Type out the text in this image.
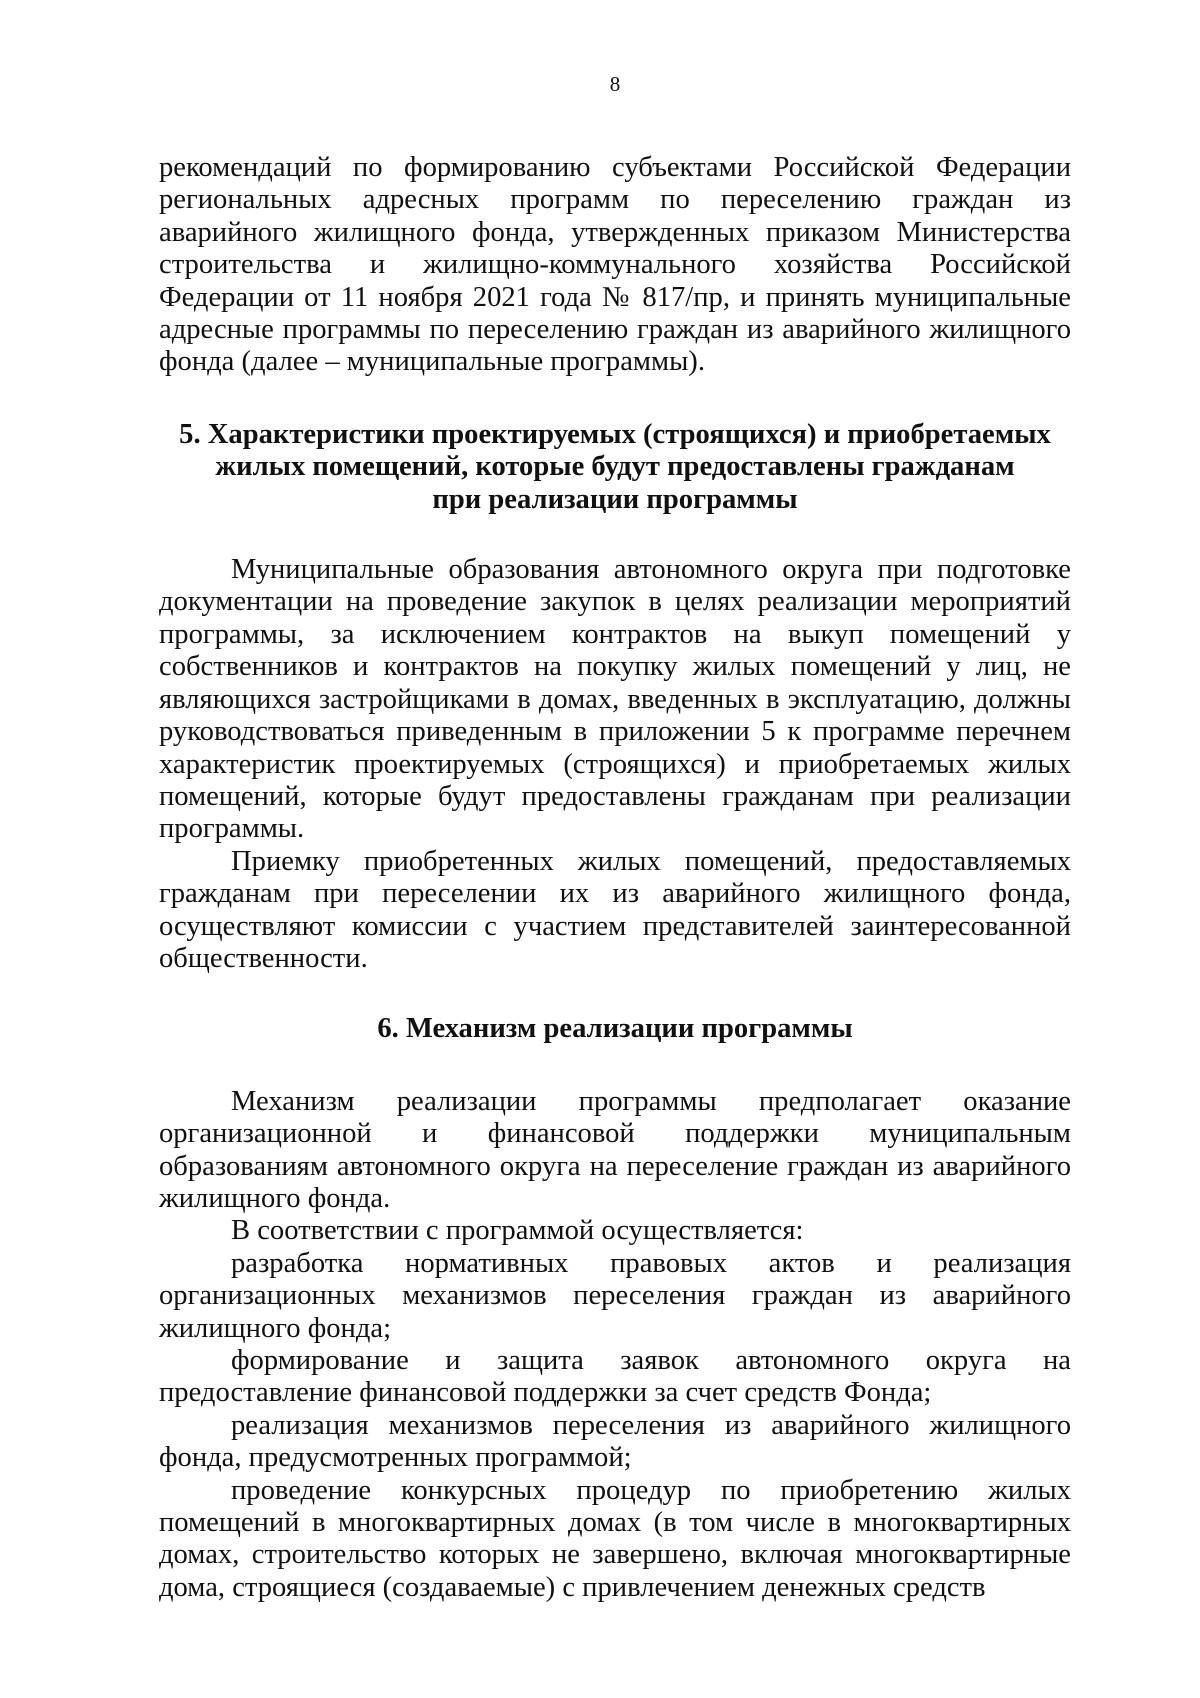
8

рекомендаций по формированию субъектами Российской Федерации региональных адресных программ по переселению граждан из аварийного жилищного фонда, утвержденных приказом Министерства строительства и жилищно-коммунального хозяйства Российской Федерации от 11 ноября 2021 года № 817/пр, и принять муниципальные адресные программы по переселению граждан из аварийного жилищного фонда (далее – муниципальные программы).

5. Характеристики проектируемых (строящихся) и приобретаемых
жилых помещений, которые будут предоставлены гражданам
при реализации программы

Муниципальные образования автономного округа при подготовке документации на проведение закупок в целях реализации мероприятий программы, за исключением контрактов на выкуп помещений у собственников и контрактов на покупку жилых помещений у лиц, не являющихся застройщиками в домах, введенных в эксплуатацию, должны руководствоваться приведенным в приложении 5 к программе перечнем характеристик проектируемых (строящихся) и приобретаемых жилых помещений, которые будут предоставлены гражданам при реализации программы.

Приемку приобретенных жилых помещений, предоставляемых гражданам при переселении их из аварийного жилищного фонда, осуществляют комиссии с участием представителей заинтересованной общественности.

6. Механизм реализации программы

Механизм реализации программы предполагает оказание организационной и финансовой поддержки муниципальным образованиям автономного округа на переселение граждан из аварийного жилищного фонда.

В соответствии с программой осуществляется:

разработка нормативных правовых актов и реализация организационных механизмов переселения граждан из аварийного жилищного фонда;

формирование и защита заявок автономного округа на предоставление финансовой поддержки за счет средств Фонда;

реализация механизмов переселения из аварийного жилищного фонда, предусмотренных программой;

проведение конкурсных процедур по приобретению жилых помещений в многоквартирных домах (в том числе в многоквартирных домах, строительство которых не завершено, включая многоквартирные дома, строящиеся (создаваемые) с привлечением денежных средств
